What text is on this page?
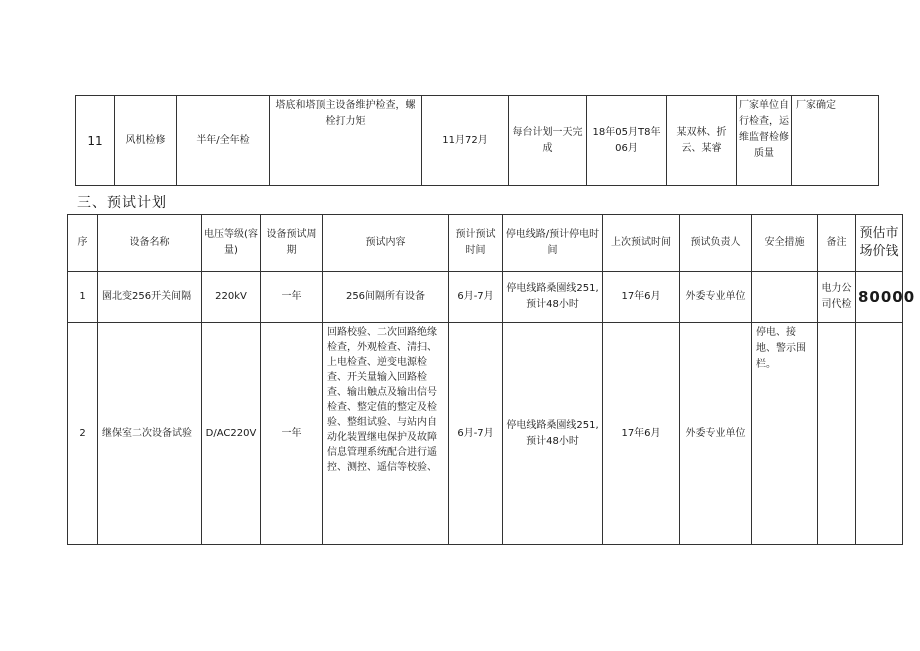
11	风机检修	半年/全年检	塔底和塔顶主设备维护检查，螺栓打力矩	11月72月	每台计划一天完成	18年05月T8年06月	某双林、折云、某睿	厂家单位自行检查，运维监督检修质量	厂家确定
三、预试计划
序	设备名称	电压等级(容量)	设备预试周期	预试内容	预计预试时间	停电线路/预计停电时间	上次预试时间	预试负责人	安全措施	备注	预估市场价钱
1	園北变256开关间隔	220kV	一年	256间隔所有设备	6月-7月	停电线路桑園线251,预计48小时	17年6月	外委专业单位		电力公司代检	80000
2	继保室二次设备试验	D/AC220V	一年	回路校验、二次回路绝缘检查，外观检查、清扫、上电检查、逆变电源检查、开关量输入回路检查、输出触点及输出信号检查、整定值的整定及检验、整组试验、与站内自动化装置继电保护及故障信息管理系统配合进行遥控、测控、遥信等校验、	6月-7月	停电线路桑園线251,预计48小时	17年6月	外委专业单位	停电、接地、警示围栏。		
